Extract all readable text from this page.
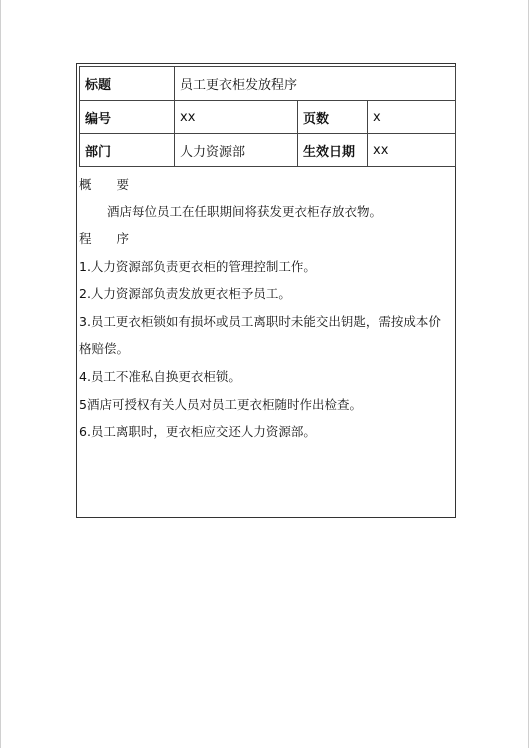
标题	员工更衣柜发放程序		
编号	xx	页数	x
部门	人力资源部	生效日期	xx
概　　要
酒店每位员工在任职期间将获发更衣柜存放衣物。
程　　序
1.人力资源部负责更衣柜的管理控制工作。
2.人力资源部负责发放更衣柜予员工。
3.员工更衣柜锁如有损坏或员工离职时未能交出钥匙，需按成本价格赔偿。
4.员工不准私自换更衣柜锁。
5酒店可授权有关人员对员工更衣柜随时作出检查。
6.员工离职时，更衣柜应交还人力资源部。
